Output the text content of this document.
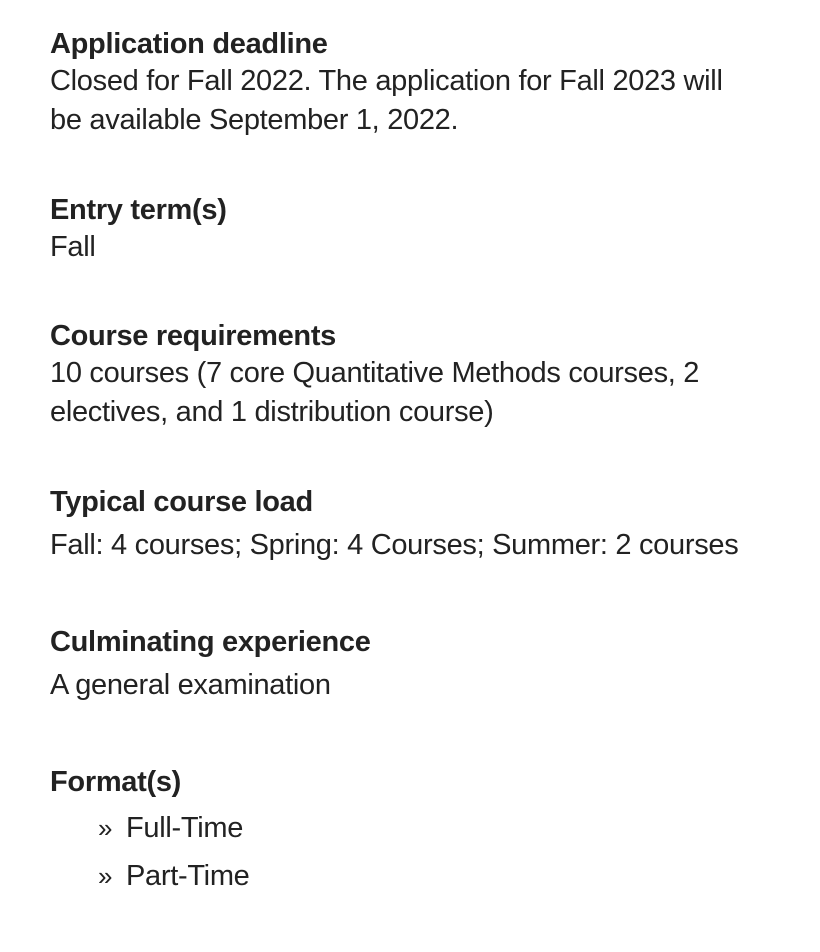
Application deadline

Closed for Fall 2022. The application for Fall 2023 will be available September 1, 2022.

Entry term(s)

Fall

Course requirements

10 courses (7 core Quantitative Methods courses, 2 electives, and 1 distribution course)

Typical course load

Fall: 4 courses; Spring: 4 Courses; Summer: 2 courses

Culminating experience

A general examination

Format(s)

» Full-Time
» Part-Time
